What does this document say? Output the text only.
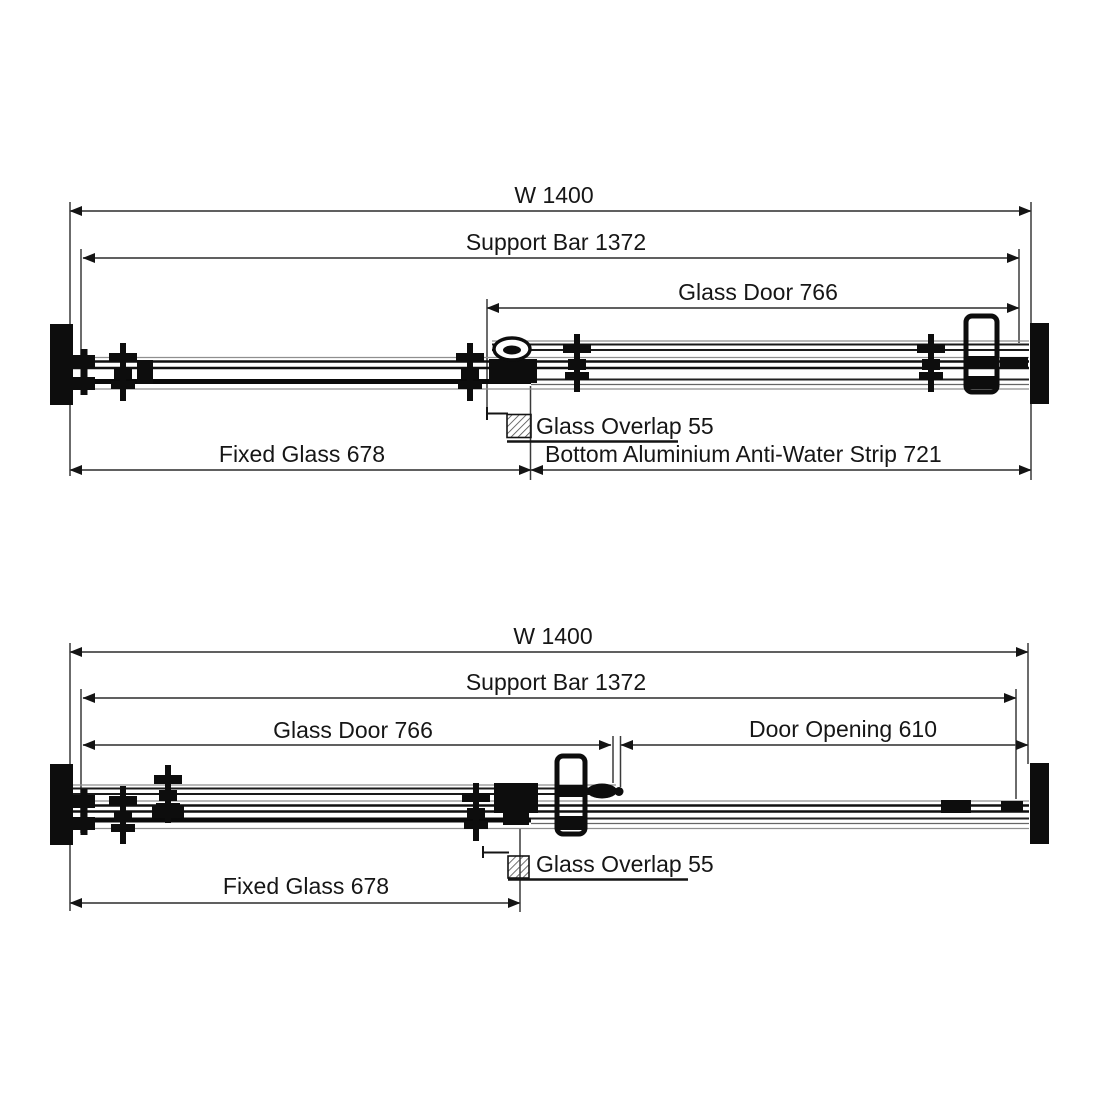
W 1400
Support Bar 1372
Glass Door 766
Glass Overlap 55
Fixed Glass 678	Bottom Aluminium Anti-Water Strip 721
W 1400
Support Bar 1372
Glass Door 766	Door Opening 610
Glass Overlap 55
Fixed Glass 678
